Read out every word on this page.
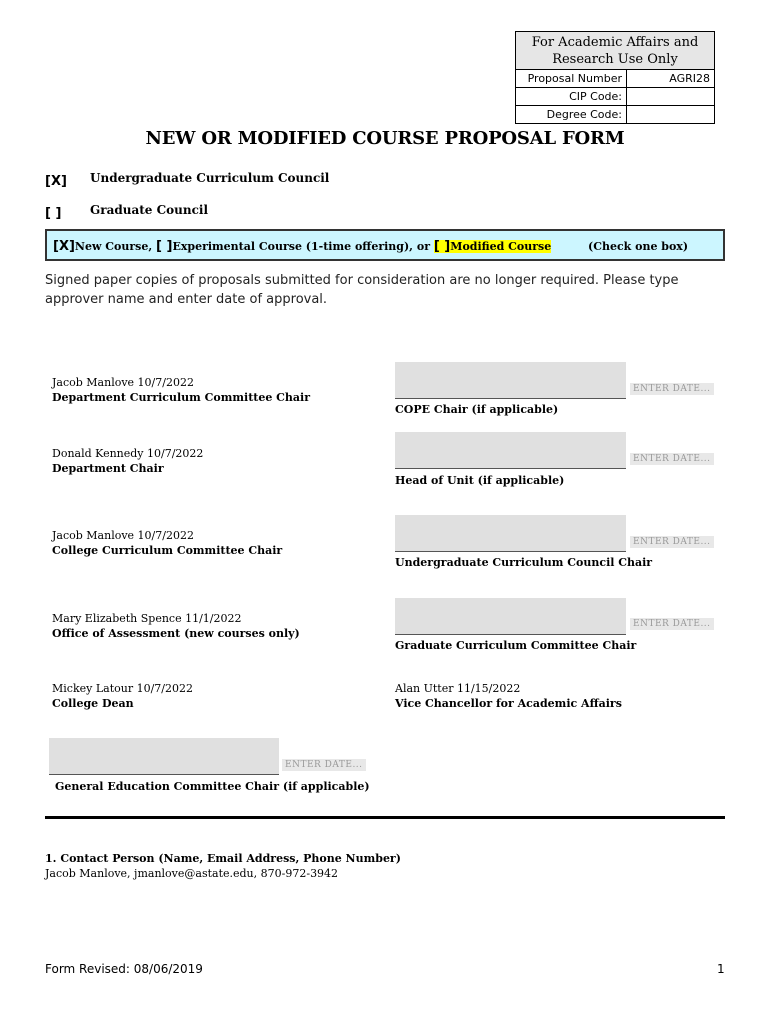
For Academic Affairs and Research Use Only
Proposal Number	AGRI28
CIP Code:
Degree Code:
NEW OR MODIFIED COURSE PROPOSAL FORM
[X] Undergraduate Curriculum Council
[ ] Graduate Council
[X]New Course, [ ]Experimental Course (1-time offering), or [ ]Modified Course	(Check one box)
Signed paper copies of proposals submitted for consideration are no longer required. Please type approver name and enter date of approval.
Jacob Manlove 10/7/2022
Department Curriculum Committee Chair
Donald Kennedy 10/7/2022
Department Chair
Jacob Manlove 10/7/2022
College Curriculum Committee Chair
Mary Elizabeth Spence 11/1/2022
Office of Assessment (new courses only)
Mickey Latour 10/7/2022
College Dean
ENTER DATE...
COPE Chair (if applicable)
ENTER DATE...
Head of Unit (if applicable)
ENTER DATE...
Undergraduate Curriculum Council Chair
ENTER DATE...
Graduate Curriculum Committee Chair
Alan Utter 11/15/2022
Vice Chancellor for Academic Affairs
ENTER DATE...
General Education Committee Chair (if applicable)
1. Contact Person (Name, Email Address, Phone Number)
Jacob Manlove, jmanlove@astate.edu, 870-972-3942
Form Revised: 08/06/2019	1
